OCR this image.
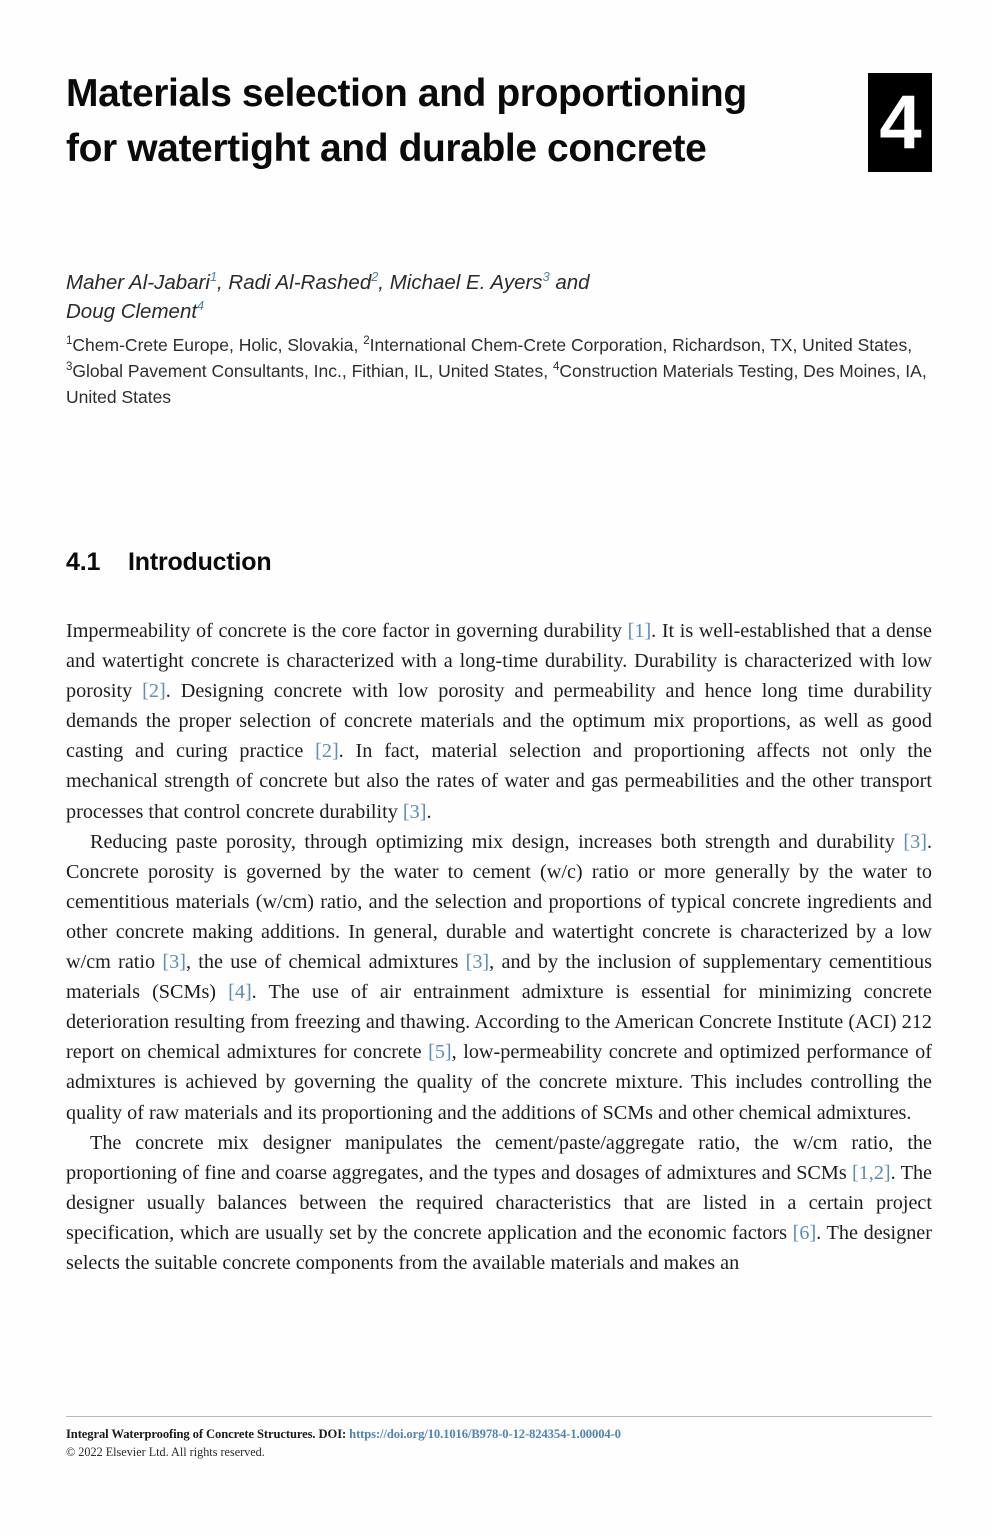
Materials selection and proportioning for watertight and durable concrete	4
Maher Al-Jabari$^1$, Radi Al-Rashed$^2$, Michael E. Ayers$^3$ and
Doug Clement$^4$
$^1$Chem-Crete Europe, Holic, Slovakia, $^2$International Chem-Crete Corporation, Richardson, TX, United States, $^3$Global Pavement Consultants, Inc., Fithian, IL, United States, $^4$Construction Materials Testing, Des Moines, IA, United States
4.1 Introduction

Impermeability of concrete is the core factor in governing durability [1]. It is well-established that a dense and watertight concrete is characterized with a long-time durability. Durability is characterized with low porosity [2]. Designing concrete with low porosity and permeability and hence long time durability demands the proper selection of concrete materials and the optimum mix proportions, as well as good casting and curing practice [2]. In fact, material selection and proportioning affects not only the mechanical strength of concrete but also the rates of water and gas permeabilities and the other transport processes that control concrete durability [3].

Reducing paste porosity, through optimizing mix design, increases both strength and durability [3]. Concrete porosity is governed by the water to cement (w/c) ratio or more generally by the water to cementitious materials (w/cm) ratio, and the selection and proportions of typical concrete ingredients and other concrete making additions. In general, durable and watertight concrete is characterized by a low w/cm ratio [3], the use of chemical admixtures [3], and by the inclusion of supplementary cementitious materials (SCMs) [4]. The use of air entrainment admixture is essential for minimizing concrete deterioration resulting from freezing and thawing. According to the American Concrete Institute (ACI) 212 report on chemical admixtures for concrete [5], low-permeability concrete and optimized performance of admixtures is achieved by governing the quality of the concrete mixture. This includes controlling the quality of raw materials and its proportioning and the additions of SCMs and other chemical admixtures.

The concrete mix designer manipulates the cement/paste/aggregate ratio, the w/cm ratio, the proportioning of fine and coarse aggregates, and the types and dosages of admixtures and SCMs [1,2]. The designer usually balances between the required characteristics that are listed in a certain project specification, which are usually set by the concrete application and the economic factors [6]. The designer selects the suitable concrete components from the available materials and makes an

Integral Waterproofing of Concrete Structures. DOI: https://doi.org/10.1016/B978-0-12-824354-1.00004-0
© 2022 Elsevier Ltd. All rights reserved.
